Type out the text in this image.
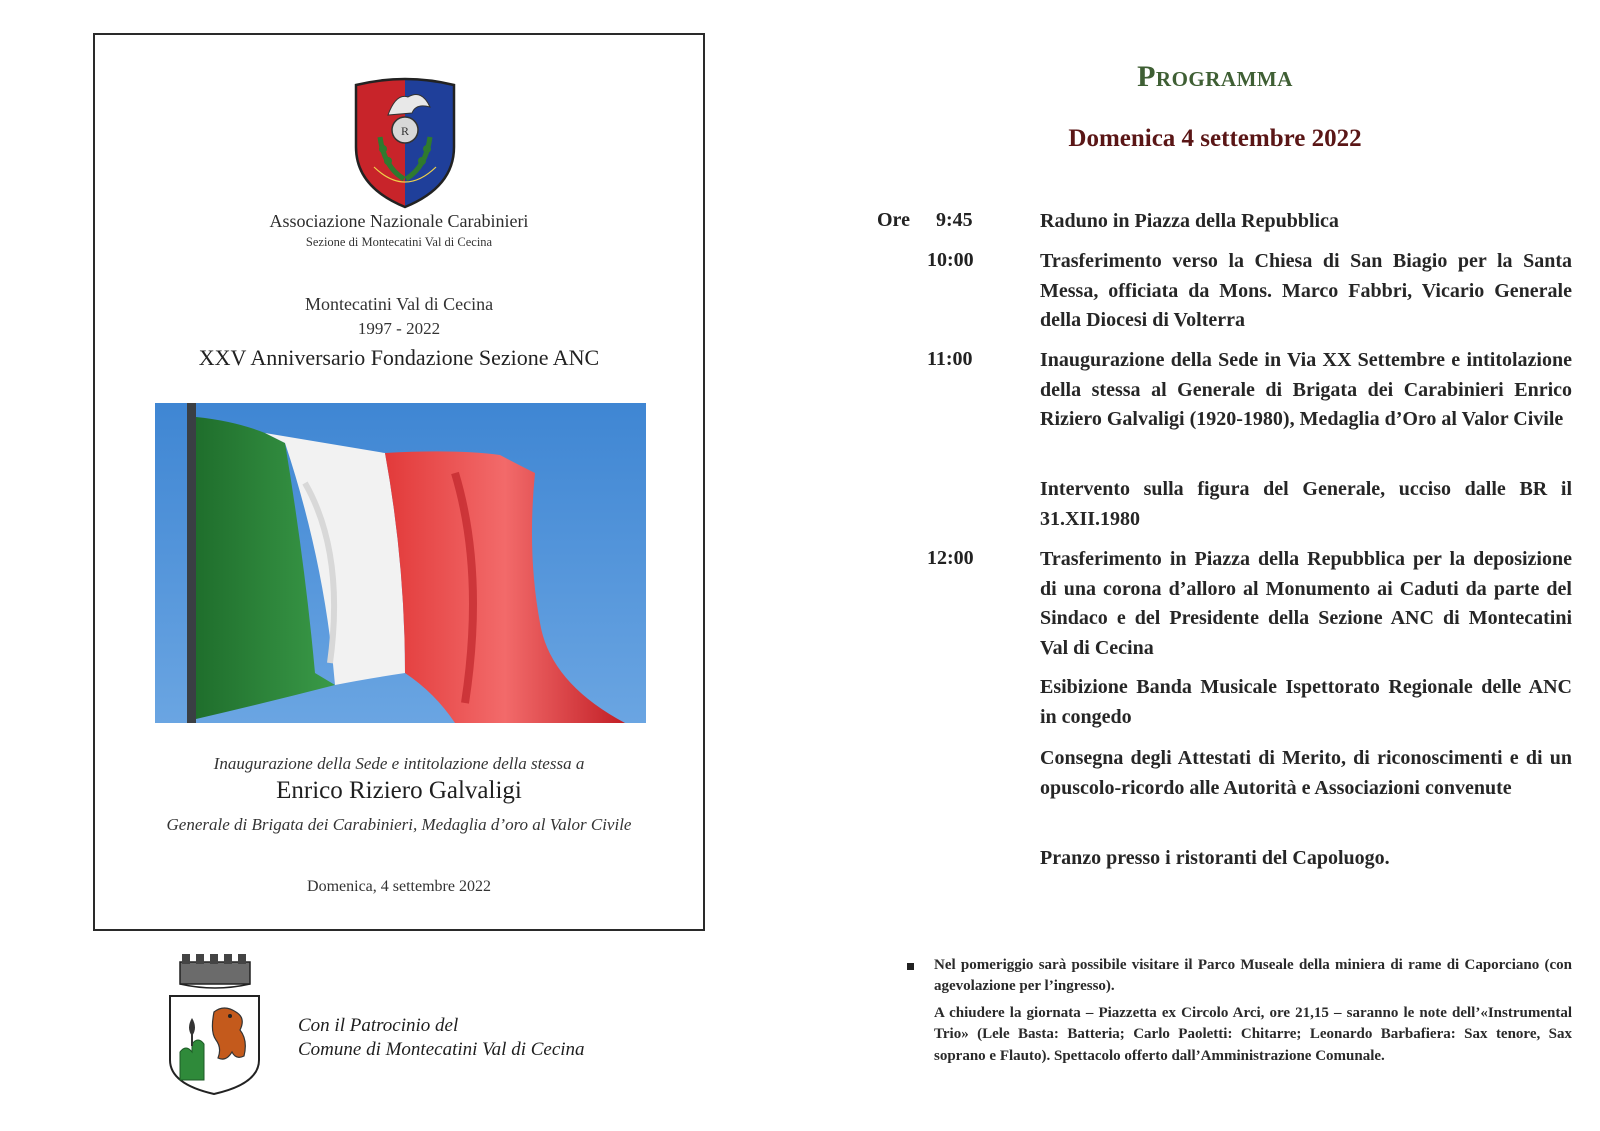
R
Associazione Nazionale Carabinieri
Sezione di Montecatini Val di Cecina
Montecatini Val di Cecina
1997 - 2022
XXV Anniversario Fondazione Sezione ANC
Inaugurazione della Sede e intitolazione della stessa a
Enrico Riziero Galvaligi
Generale di Brigata dei Carabinieri, Medaglia d’oro al Valor Civile
Domenica, 4 settembre 2022
Con il Patrocinio del
Comune di Montecatini Val di Cecina
Programma
Domenica 4 settembre 2022
Ore 9:45	Raduno in Piazza della Repubblica
10:00	Trasferimento verso la Chiesa di San Biagio per la Santa Messa, officiata da Mons. Marco Fabbri, Vicario Generale della Diocesi di Volterra
11:00	Inaugurazione della Sede in Via XX Settembre e intitolazione della stessa al Generale di Brigata dei Carabinieri Enrico Riziero Galvaligi (1920-1980), Medaglia d’Oro al Valor Civile
Intervento sulla figura del Generale, ucciso dalle BR il 31.XII.1980
12:00	Trasferimento in Piazza della Repubblica per la deposizione di una corona d’alloro al Monumento ai Caduti da parte del Sindaco e del Presidente della Sezione ANC di Montecatini Val di Cecina
Esibizione Banda Musicale Ispettorato Regionale delle ANC in congedo
Consegna degli Attestati di Merito, di riconoscimenti e di un opuscolo-ricordo alle Autorità e Associazioni convenute
Pranzo presso i ristoranti del Capoluogo.
Nel pomeriggio sarà possibile visitare il Parco Museale della miniera di rame di Caporciano (con agevolazione per l’ingresso).
A chiudere la giornata – Piazzetta ex Circolo Arci, ore 21,15 – saranno le note dell’«Instrumental Trio» (Lele Basta: Batteria; Carlo Paoletti: Chitarre; Leonardo Barbafiera: Sax tenore, Sax soprano e Flauto). Spettacolo offerto dall’Amministrazione Comunale.
